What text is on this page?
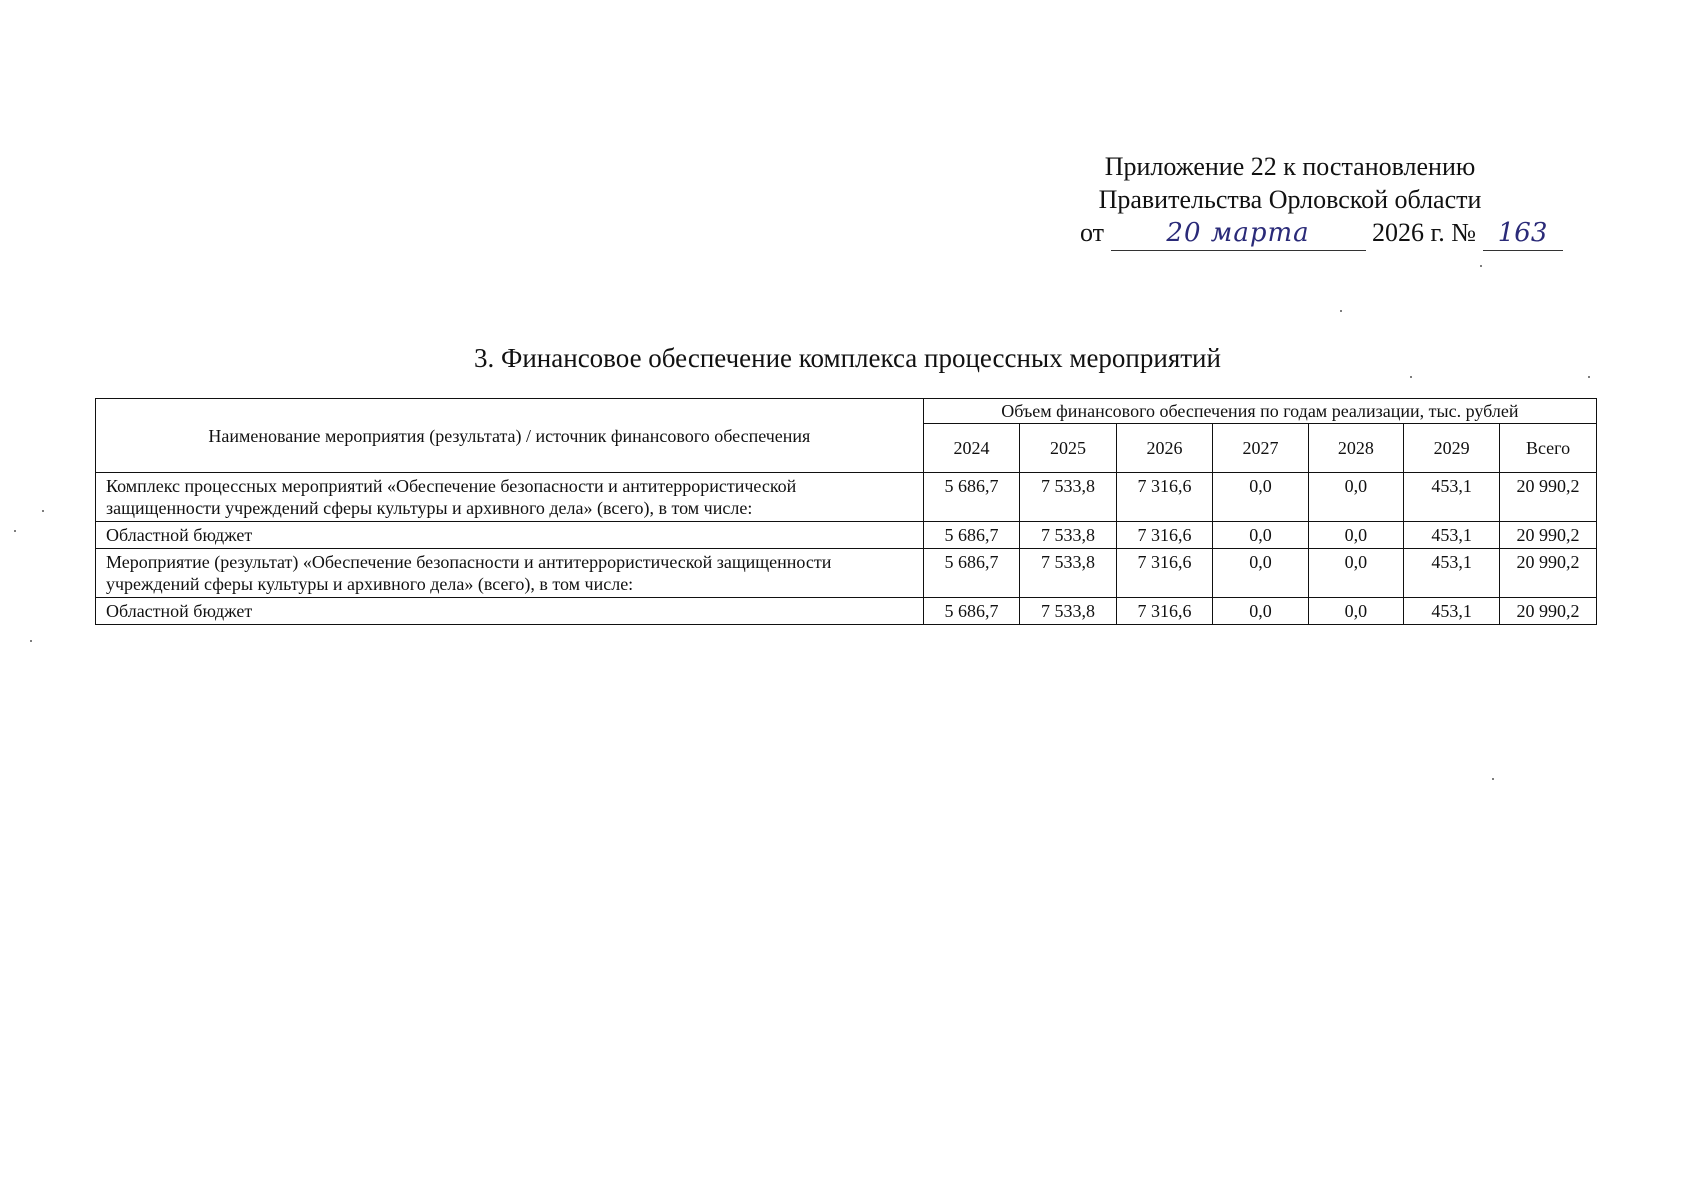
Приложение 22 к постановлению
Правительства Орловской области
от 20 марта 2026 г. № 163
3. Финансовое обеспечение комплекса процессных мероприятий
Наименование мероприятия (результата) / источник финансового обеспечения	Объем финансового обеспечения по годам реализации, тыс. рублей						
	2024	2025	2026	2027	2028	2029	Всего
Комплекс процессных мероприятий «Обеспечение безопасности и антитеррористической защищенности учреждений сферы культуры и архивного дела» (всего), в том числе:	5 686,7	7 533,8	7 316,6	0,0	0,0	453,1	20 990,2
Областной бюджет	5 686,7	7 533,8	7 316,6	0,0	0,0	453,1	20 990,2
Мероприятие (результат) «Обеспечение безопасности и антитеррористической защищенности учреждений сферы культуры и архивного дела» (всего), в том числе:	5 686,7	7 533,8	7 316,6	0,0	0,0	453,1	20 990,2
Областной бюджет	5 686,7	7 533,8	7 316,6	0,0	0,0	453,1	20 990,2
